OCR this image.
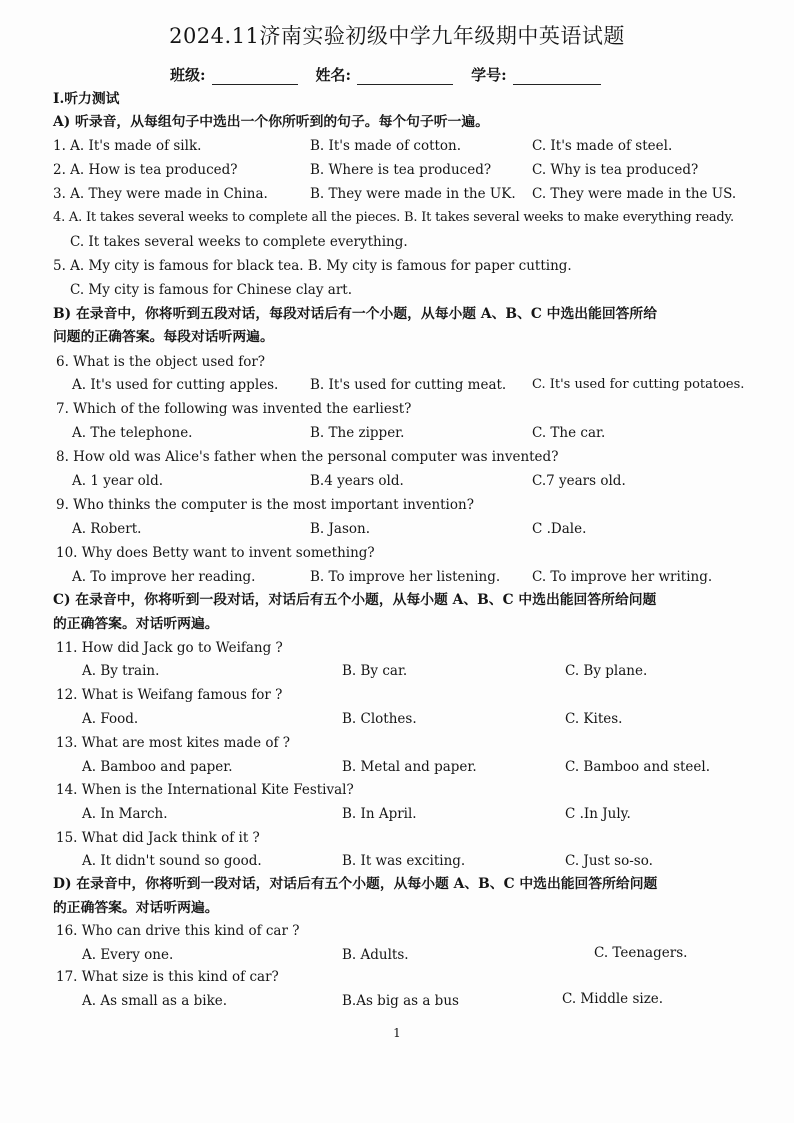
2024.11济南实验初级中学九年级期中英语试题
班级:	姓名:	学号:
I.听力测试
A) 听录音，从每组句子中选出一个你所听到的句子。每个句子听一遍。
1. A. It's made of silk.	B. It's made of cotton.	C. It's made of steel.
2. A. How is tea produced?	B. Where is tea produced?	C. Why is tea produced?
3. A. They were made in China.	B. They were made in the UK. C. They were made in the US.
4. A. It takes several weeks to complete all the pieces. B. It takes several weeks to make everything ready.
C. It takes several weeks to complete everything.
5. A. My city is famous for black tea. B. My city is famous for paper cutting.
C. My city is famous for Chinese clay art.
B) 在录音中，你将听到五段对话，每段对话后有一个小题，从每小题 A、B、C 中选出能回答所给
问题的正确答案。每段对话听两遍。
6. What is the object used for?
A. It's used for cutting apples. B. It's used for cutting meat. C. It's used for cutting potatoes.
7. Which of the following was invented the earliest?
A. The telephone.	B. The zipper.	C. The car.
8. How old was Alice's father when the personal computer was invented?
A. 1 year old.	B.4 years old.	C.7 years old.
9. Who thinks the computer is the most important invention?
A. Robert.	B. Jason.	C .Dale.
10. Why does Betty want to invent something?
A. To improve her reading.	B. To improve her listening. C. To improve her writing.
C) 在录音中，你将听到一段对话，对话后有五个小题，从每小题 A、B、C 中选出能回答所给问题
的正确答案。对话听两遍。
11. How did Jack go to Weifang ?
A. By train.	B. By car.	C. By plane.
12. What is Weifang famous for ?
A. Food.	B. Clothes.	C. Kites.
13. What are most kites made of ?
A. Bamboo and paper.	B. Metal and paper.	C. Bamboo and steel.
14. When is the International Kite Festival?
A. In March.	B. In April.	C .In July.
15. What did Jack think of it ?
A. It didn't sound so good.	B. It was exciting.	C. Just so-so.
D) 在录音中，你将听到一段对话，对话后有五个小题，从每小题 A、B、C 中选出能回答所给问题
的正确答案。对话听两遍。
16. Who can drive this kind of car ?
A. Every one.	B. Adults.	C. Teenagers.
17. What size is this kind of car?
A. As small as a bike.	B.As big as a bus	C. Middle size.
1
